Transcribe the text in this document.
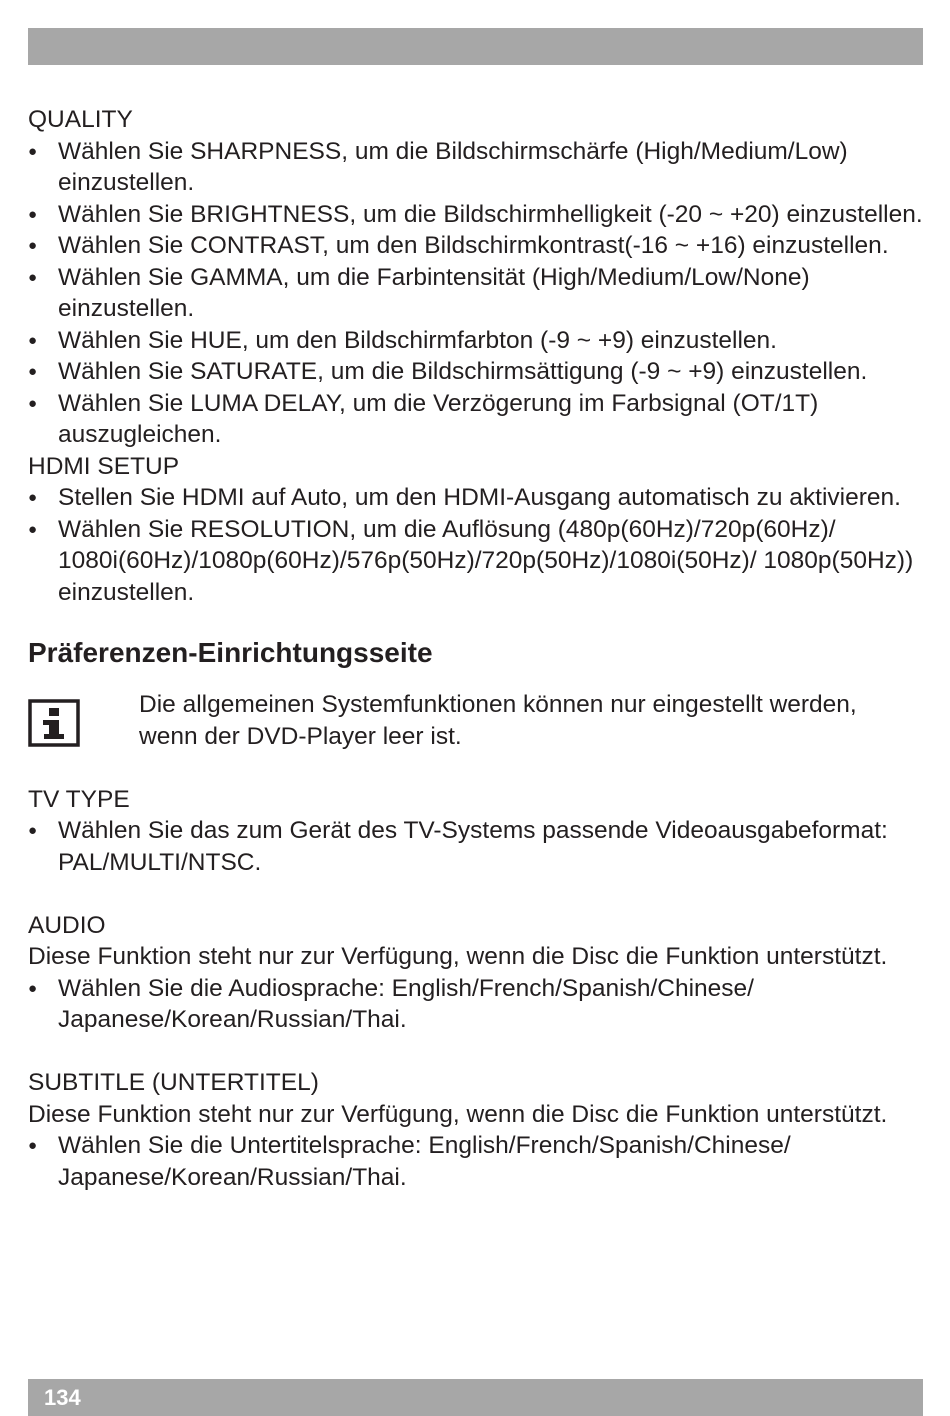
QUALITY

● Wählen Sie SHARPNESS, um die Bildschirmschärfe (High/Medium/Low) einzustellen.
● Wählen Sie BRIGHTNESS, um die Bildschirmhelligkeit (-20 ~ +20) einzustellen.
● Wählen Sie CONTRAST, um den Bildschirmkontrast(-16 ~ +16) einzustellen.
● Wählen Sie GAMMA, um die Farbintensität (High/Medium/Low/None) einzustellen.
● Wählen Sie HUE, um den Bildschirmfarbton (-9 ~ +9) einzustellen.
● Wählen Sie SATURATE, um die Bildschirmsättigung (-9 ~ +9) einzustellen.
● Wählen Sie LUMA DELAY, um die Verzögerung im Farbsignal (OT/1T) auszugleichen.

HDMI SETUP

● Stellen Sie HDMI auf Auto, um den HDMI-Ausgang automatisch zu aktivieren.
● Wählen Sie RESOLUTION, um die Auflösung (480p(60Hz)/720p(60Hz)/ 1080i(60Hz)/1080p(60Hz)/576p(50Hz)/720p(50Hz)/1080i(50Hz)/ 1080p(50Hz)) einzustellen.
Präferenzen-Einrichtungsseite
Die allgemeinen Systemfunktionen können nur eingestellt werden,
wenn der DVD-Player leer ist.

TV TYPE

● Wählen Sie das zum Gerät des TV-Systems passende Videoausgabeformat: PAL/MULTI/NTSC.

AUDIO

Diese Funktion steht nur zur Verfügung, wenn die Disc die Funktion unterstützt.

● Wählen Sie die Audiosprache: English/French/Spanish/Chinese/ Japanese/Korean/Russian/Thai.

SUBTITLE (UNTERTITEL)

Diese Funktion steht nur zur Verfügung, wenn die Disc die Funktion unterstützt.

● Wählen Sie die Untertitelsprache: English/French/Spanish/Chinese/ Japanese/Korean/Russian/Thai.
134
